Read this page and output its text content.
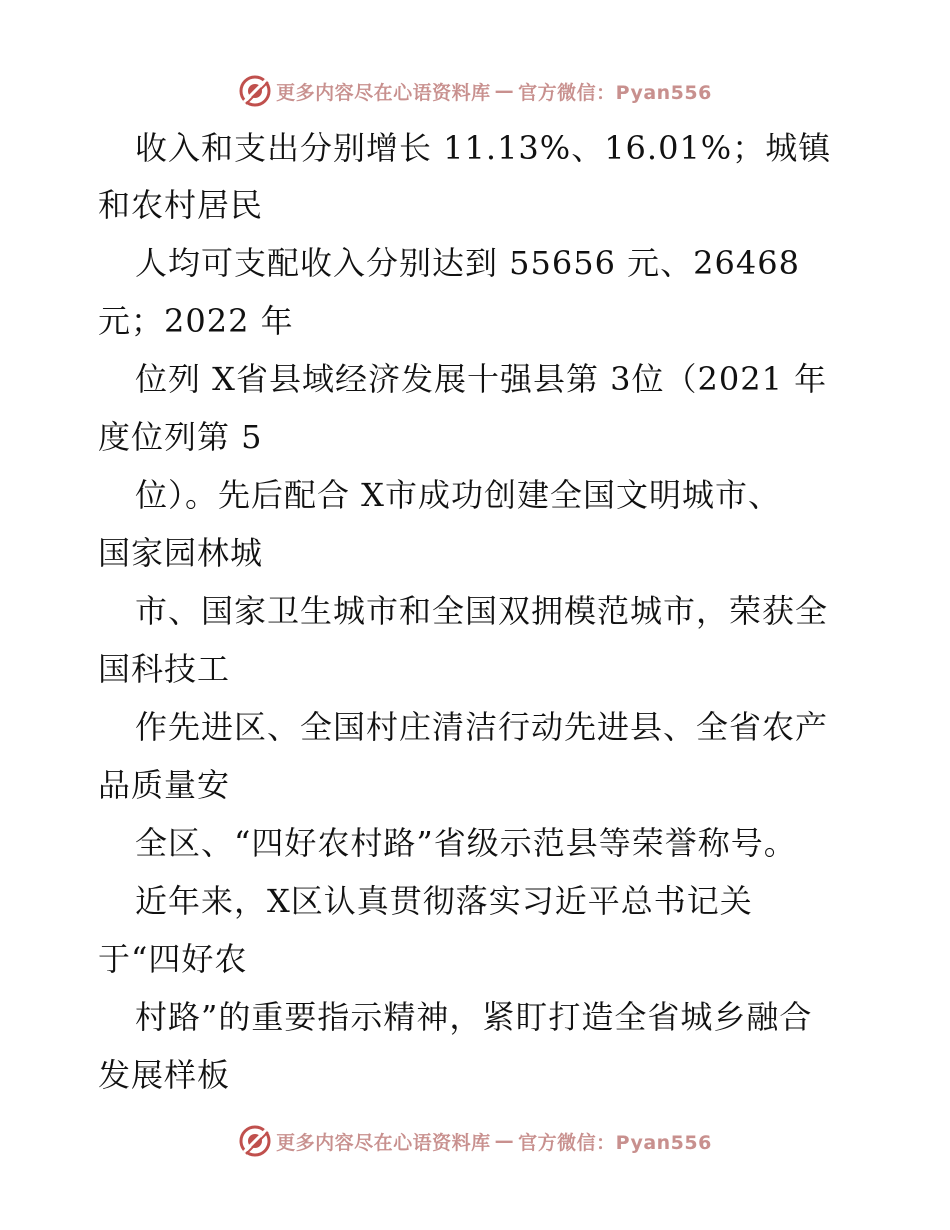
更多内容尽在心语资料库 — 官方微信：Pyan556
收入和支出分别增长 11.13%、16.01%；城镇
和农村居民
人均可支配收入分别达到 55656 元、26468
元；2022 年
位列 X省县域经济发展十强县第 3位（2021 年
度位列第 5
位）。先后配合 X市成功创建全国文明城市、
国家园林城
市、国家卫生城市和全国双拥模范城市，荣获全
国科技工
作先进区、全国村庄清洁行动先进县、全省农产
品质量安
全区、“四好农村路”省级示范县等荣誉称号。
近年来，X区认真贯彻落实习近平总书记关
于“四好农
村路”的重要指示精神，紧盯打造全省城乡融合
发展样板
更多内容尽在心语资料库 — 官方微信：Pyan556
